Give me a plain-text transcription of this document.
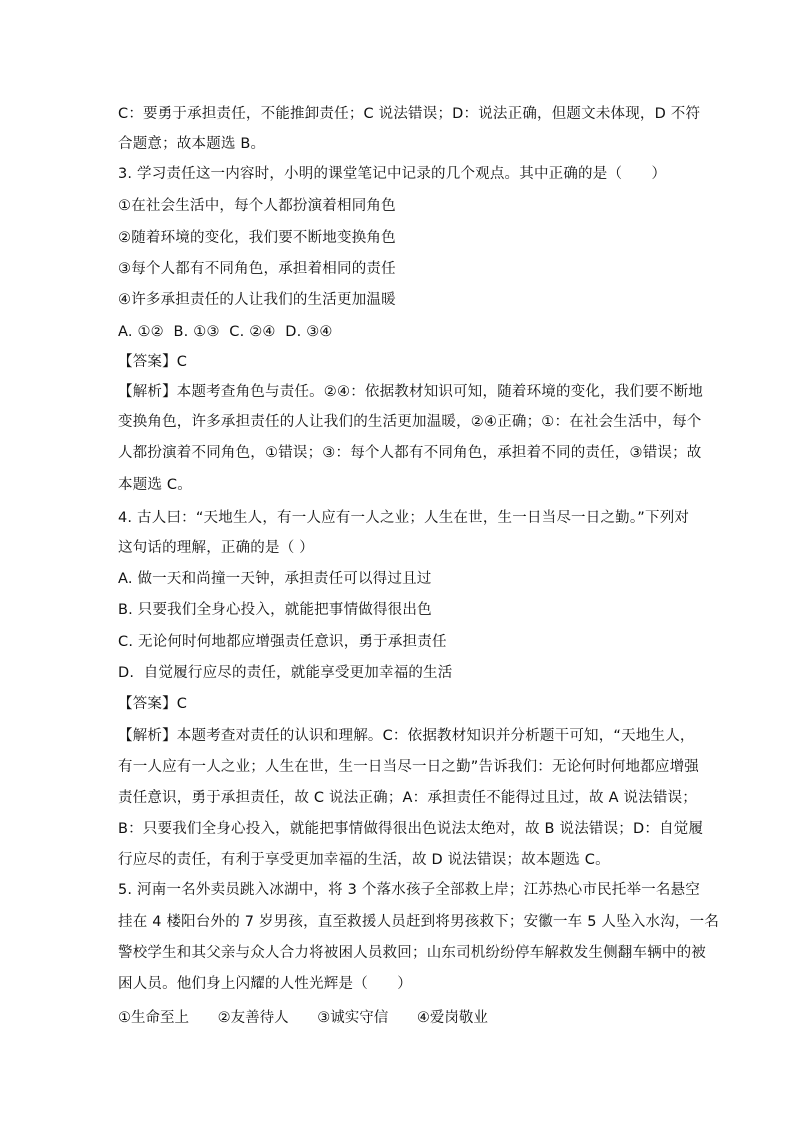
C：要勇于承担责任，不能推卸责任；C 说法错误；D：说法正确，但题文未体现，D 不符
合题意；故本题选 B。
3. 学习责任这一内容时，小明的课堂笔记中记录的几个观点。其中正确的是（　　）
①在社会生活中，每个人都扮演着相同角色
②随着环境的变化，我们要不断地变换角色
③每个人都有不同角色，承担着相同的责任
④许多承担责任的人让我们的生活更加温暖
A. ①②  B. ①③  C. ②④  D. ③④
【答案】C
【解析】本题考查角色与责任。②④：依据教材知识可知，随着环境的变化，我们要不断地
变换角色，许多承担责任的人让我们的生活更加温暖，②④正确；①：在社会生活中，每个
人都扮演着不同角色，①错误；③：每个人都有不同角色，承担着不同的责任，③错误；故
本题选 C。
4. 古人曰：“天地生人，有一人应有一人之业；人生在世，生一日当尽一日之勤。”下列对
这句话的理解，正确的是（ ）
A. 做一天和尚撞一天钟，承担责任可以得过且过
B. 只要我们全身心投入，就能把事情做得很出色
C. 无论何时何地都应增强责任意识，勇于承担责任
D.  自觉履行应尽的责任，就能享受更加幸福的生活
【答案】C
【解析】本题考查对责任的认识和理解。C：依据教材知识并分析题干可知，“天地生人，
有一人应有一人之业；人生在世，生一日当尽一日之勤”告诉我们：无论何时何地都应增强
责任意识，勇于承担责任，故 C 说法正确；A：承担责任不能得过且过，故 A 说法错误；
B：只要我们全身心投入，就能把事情做得很出色说法太绝对，故 B 说法错误；D：自觉履
行应尽的责任，有利于享受更加幸福的生活，故 D 说法错误；故本题选 C。
5. 河南一名外卖员跳入冰湖中，将 3 个落水孩子全部救上岸；江苏热心市民托举一名悬空
挂在 4 楼阳台外的 7 岁男孩，直至救援人员赶到将男孩救下；安徽一车 5 人坠入水沟，一名
警校学生和其父亲与众人合力将被困人员救回；山东司机纷纷停车解救发生侧翻车辆中的被
困人员。他们身上闪耀的人性光辉是（　　）
①生命至上 ②友善待人 ③诚实守信 ④爱岗敬业
